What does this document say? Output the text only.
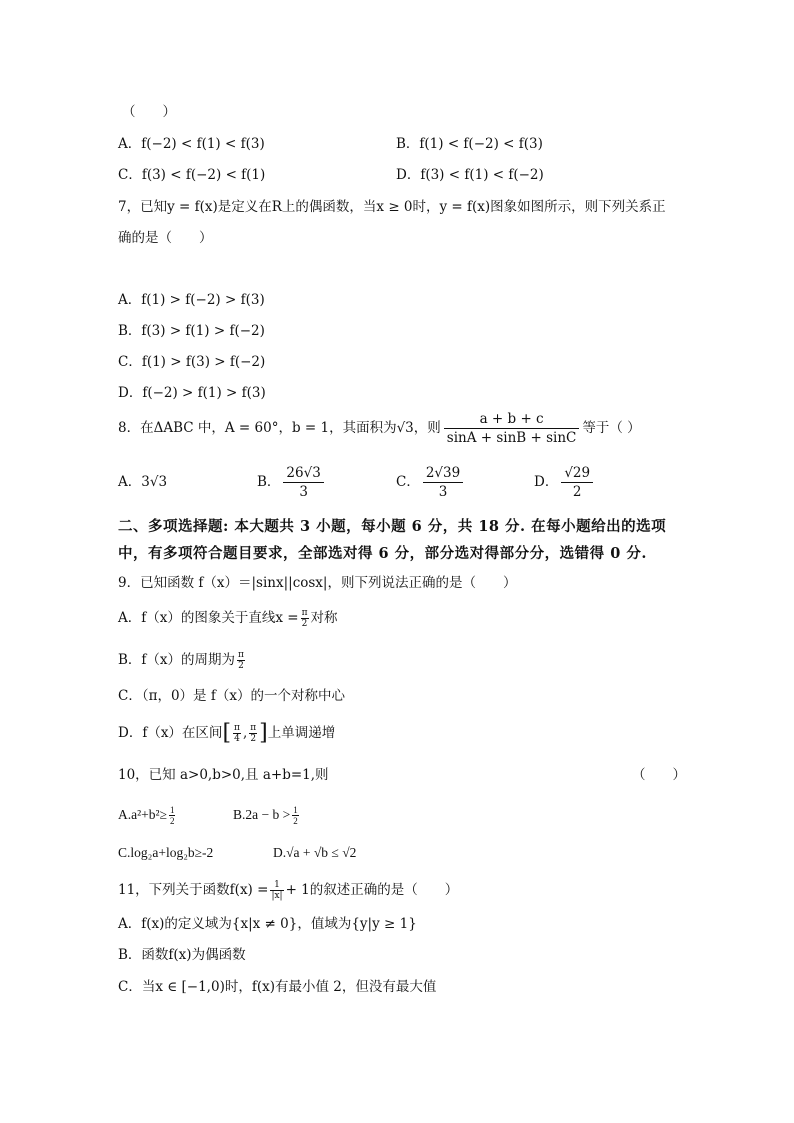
（　　）
A．f(−2) < f(1) < f(3)	B．f(1) < f(−2) < f(3)
C．f(3) < f(−2) < f(1)	D．f(3) < f(1) < f(−2)
7，已知y = f(x)是定义在R上的偶函数，当x ≥ 0时，y = f(x)图象如图所示，则下列关系正
确的是（　　）
A．f(1) > f(−2) > f(3)
B．f(3) > f(1) > f(−2)
C．f(1) > f(3) > f(−2)
D．f(−2) > f(1) > f(3)
8．在ΔABC 中，A = 60°，b = 1，其面积为√3，则 $\frac{a + b + c}{\sin A + \sin B + \sin C}$ 等于（ ）
A．3√3	B． $\frac{26√3}{3}$	C． $\frac{2√39}{3}$	D． $\frac{√29}{2}$
二、多项选择题: 本大题共 3 小题，每小题 6 分，共 18 分. 在每小题给出的选项
中，有多项符合题目要求，全部选对得 6 分，部分选对得部分分，选错得 0 分.
9．已知函数 f（x）＝|sinx||cosx|，则下列说法正确的是（　　）
A．f（x）的图象关于直线$x = \frac{\pi}{2}$ 对称
B．f（x）的周期为 $\frac{\pi}{2}$
C．（π，0）是 f（x）的一个对称中心
D．f（x）在区间[ $\frac{\pi}{4}$ , $\frac{\pi}{2}$ ]上单调递增
10，已知 a>0,b>0,且 a+b=1,则	（　　）
$A.a^2+b^2\ge \frac{1}{2}$	$B.2a - b > \frac{1}{2}$
C.log₂a+log₂b≥-2	D.√a + √b ≤ √2
11，下列关于函数$f(x) = \frac{1}{|x|} + 1$的叙述正确的是（　　）
A．f(x)的定义域为{x|x ≠ 0}，值域为{y|y ≥ 1}
B．函数f(x)为偶函数
C．当x ∈ [−1,0)时，f(x)有最小值 2，但没有最大值
